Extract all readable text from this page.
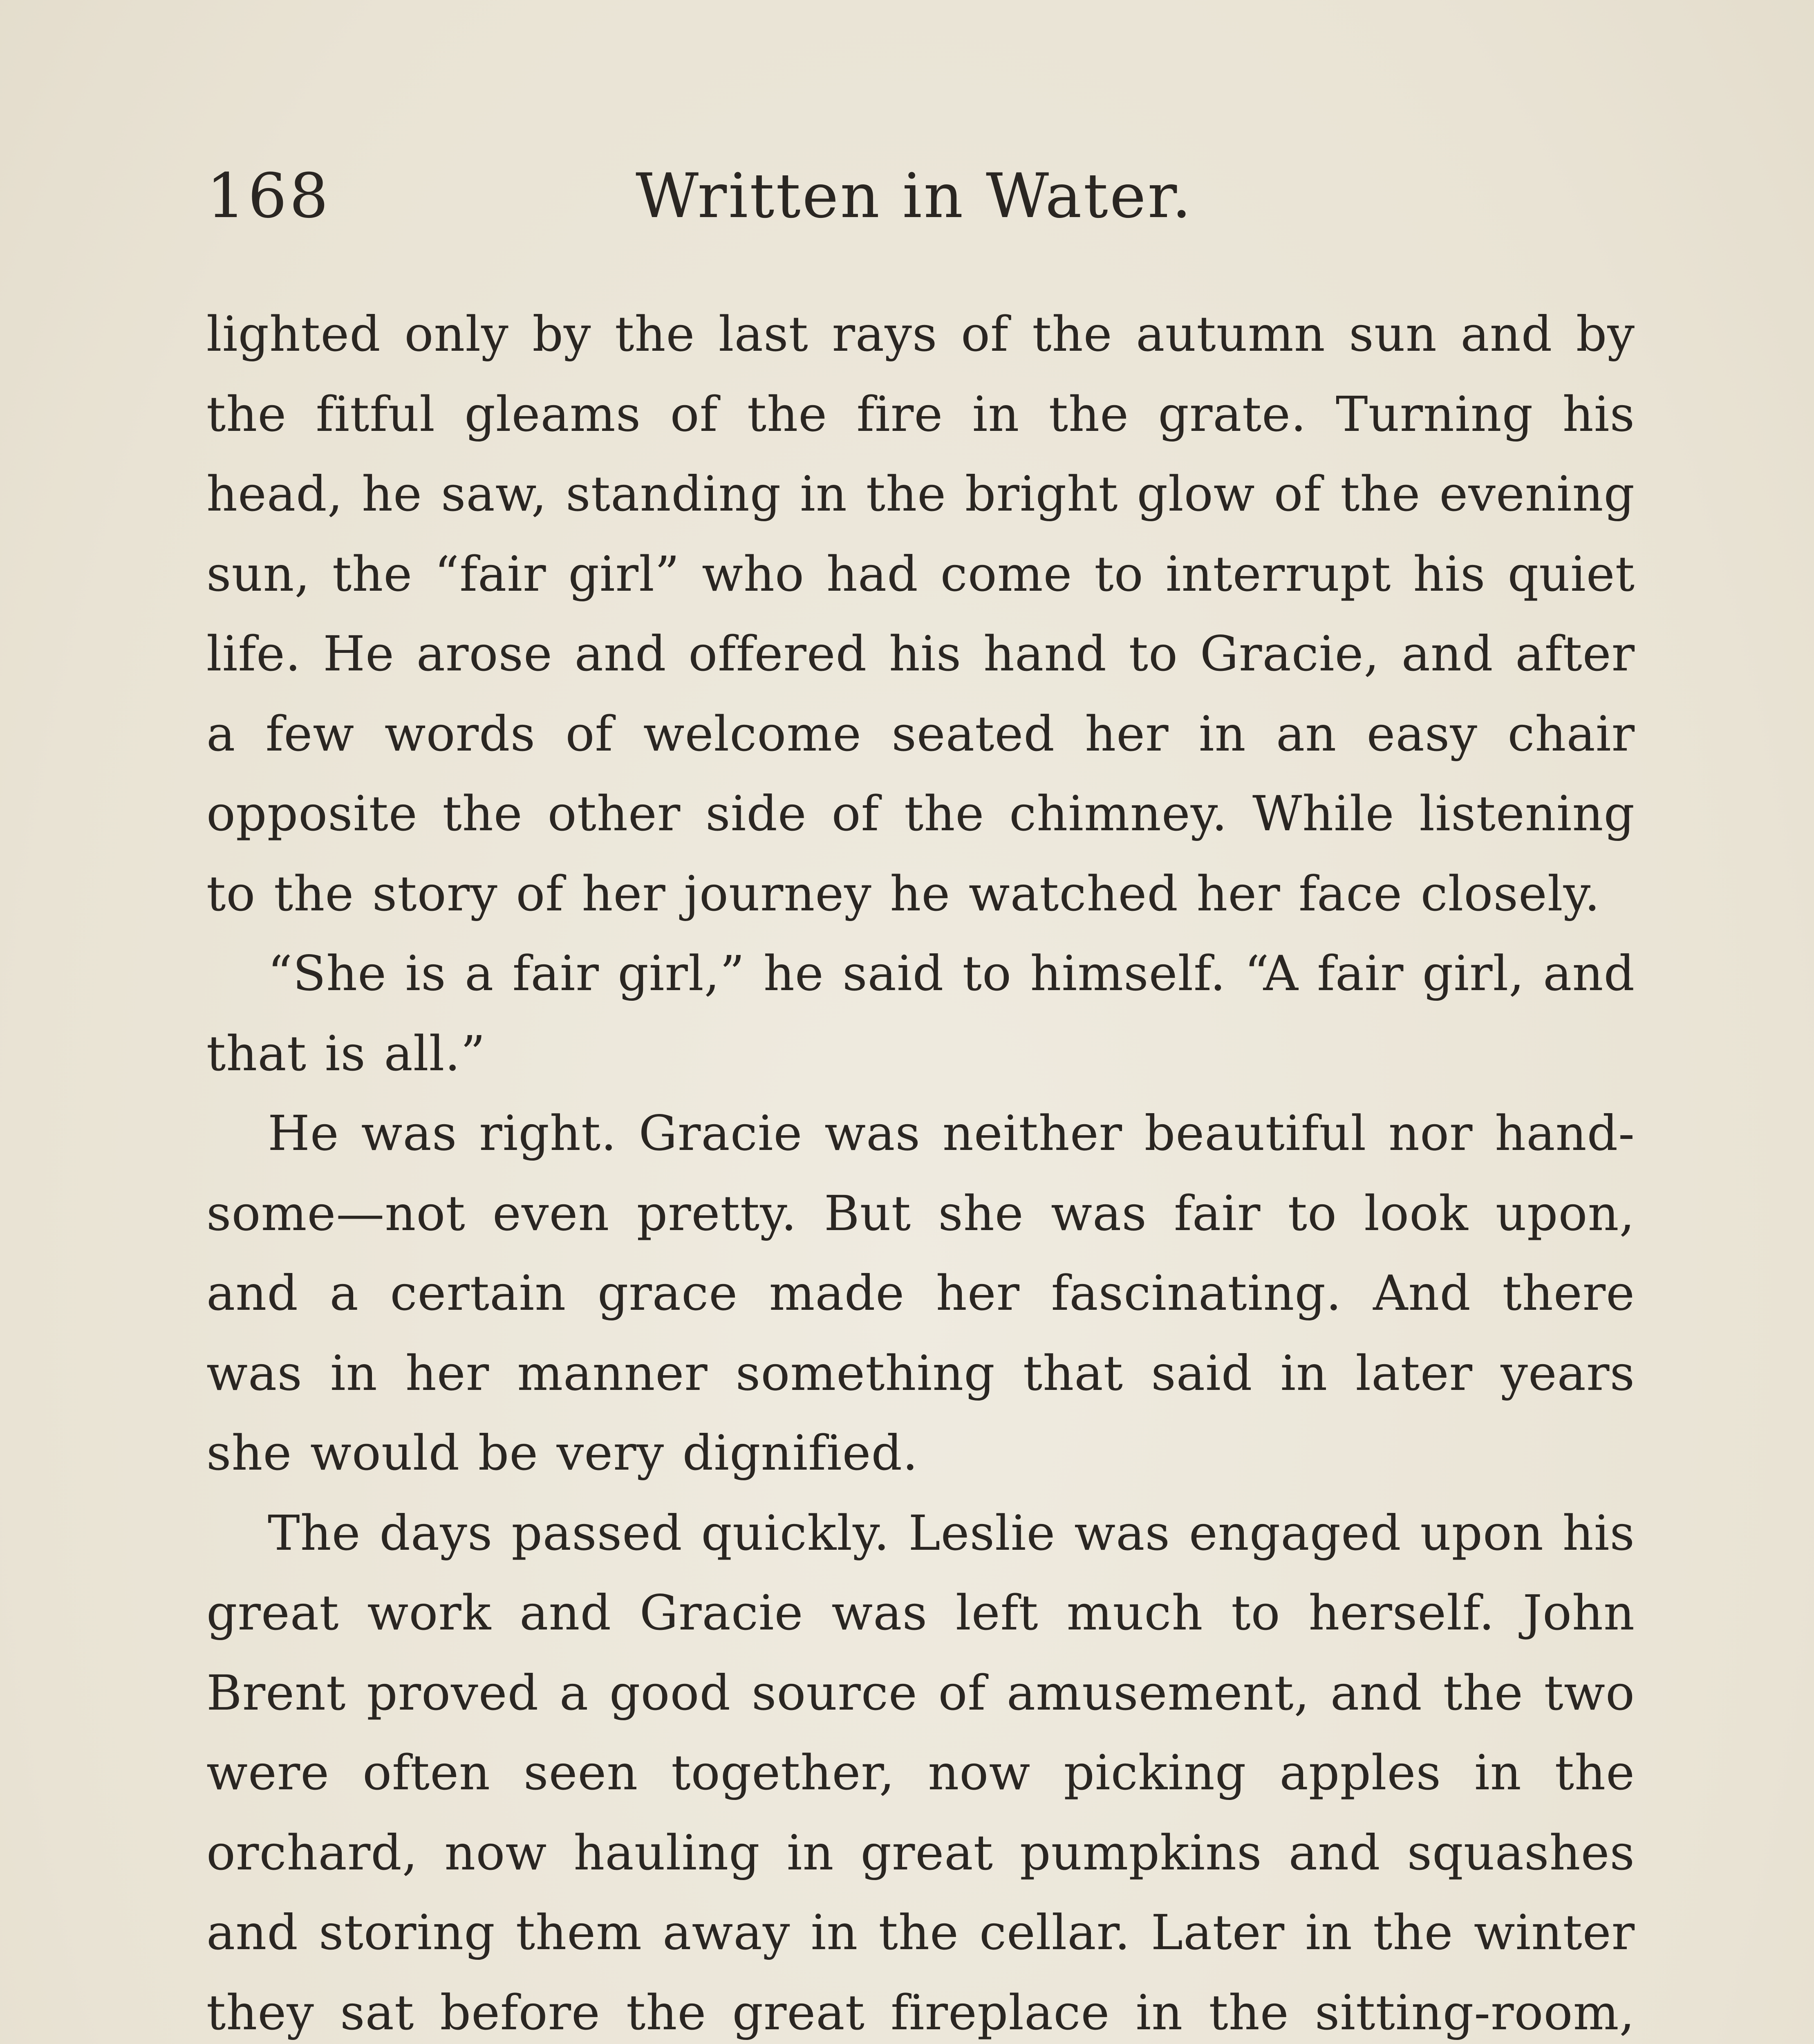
168	Written in Water.

lighted only by the last rays of the autumn sun and by the fitful gleams of the fire in the grate. Turning his head, he saw, standing in the bright glow of the evening sun, the “fair girl” who had come to interrupt his quiet life. He arose and offered his hand to Gracie, and after a few words of welcome seated her in an easy chair opposite the other side of the chimney. While listening to the story of her journey he watched her face closely.

“She is a fair girl,” he said to himself. “A fair girl, and that is all.”

He was right. Gracie was neither beautiful nor hand-some—not even pretty. But she was fair to look upon, and a certain grace made her fascinating. And there was in her manner something that said in later years she would be very dignified.

The days passed quickly. Leslie was engaged upon his great work and Gracie was left much to herself. John Brent proved a good source of amusement, and the two were often seen together, now picking apples in the orchard, now hauling in great pumpkins and squashes and storing them away in the cellar. Later in the winter they sat before the great fireplace in the sitting-room,
